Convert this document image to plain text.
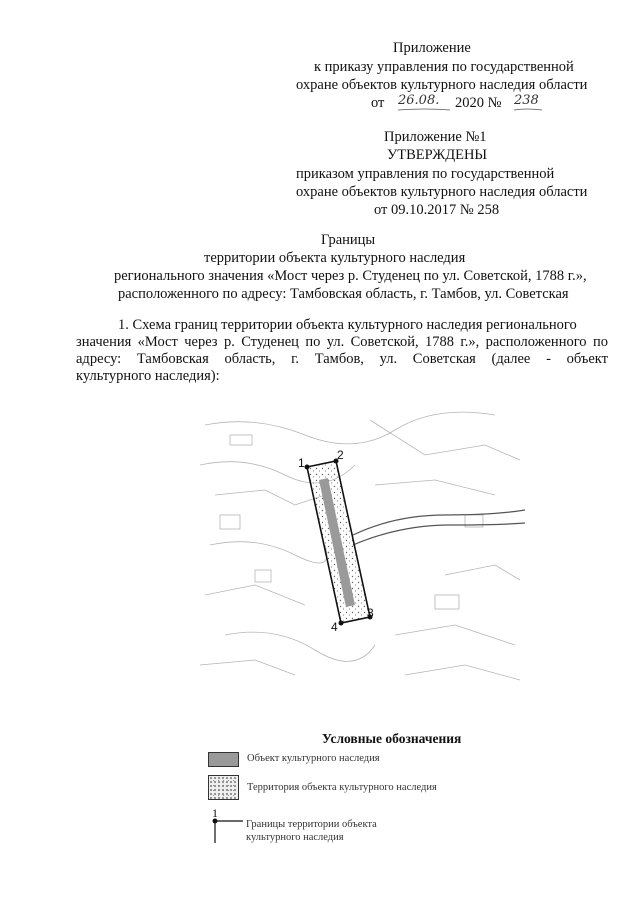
Приложение
к приказу управления по государственной
охране объектов культурного наследия области
от 26.08. 2020 № 238
Приложение №1
УТВЕРЖДЕНЫ
приказом управления по государственной
охране объектов культурного наследия области
от 09.10.2017 № 258
Границы
территории объекта культурного наследия
регионального значения «Мост через р. Студенец по ул. Советской, 1788 г.»,
расположенного по адресу: Тамбовская область, г. Тамбов, ул. Советская
1. Схема границ территории объекта культурного наследия регионального
значения «Мост через р. Студенец по ул. Советской, 1788 г.», расположенного по
адресу: Тамбовская область, г. Тамбов, ул. Советская (далее - объект
культурного наследия):
1
2
3
4
Условные обозначения
Объект культурного наследия
Территория объекта культурного наследия
1
Границы территории объекта
культурного наследия
